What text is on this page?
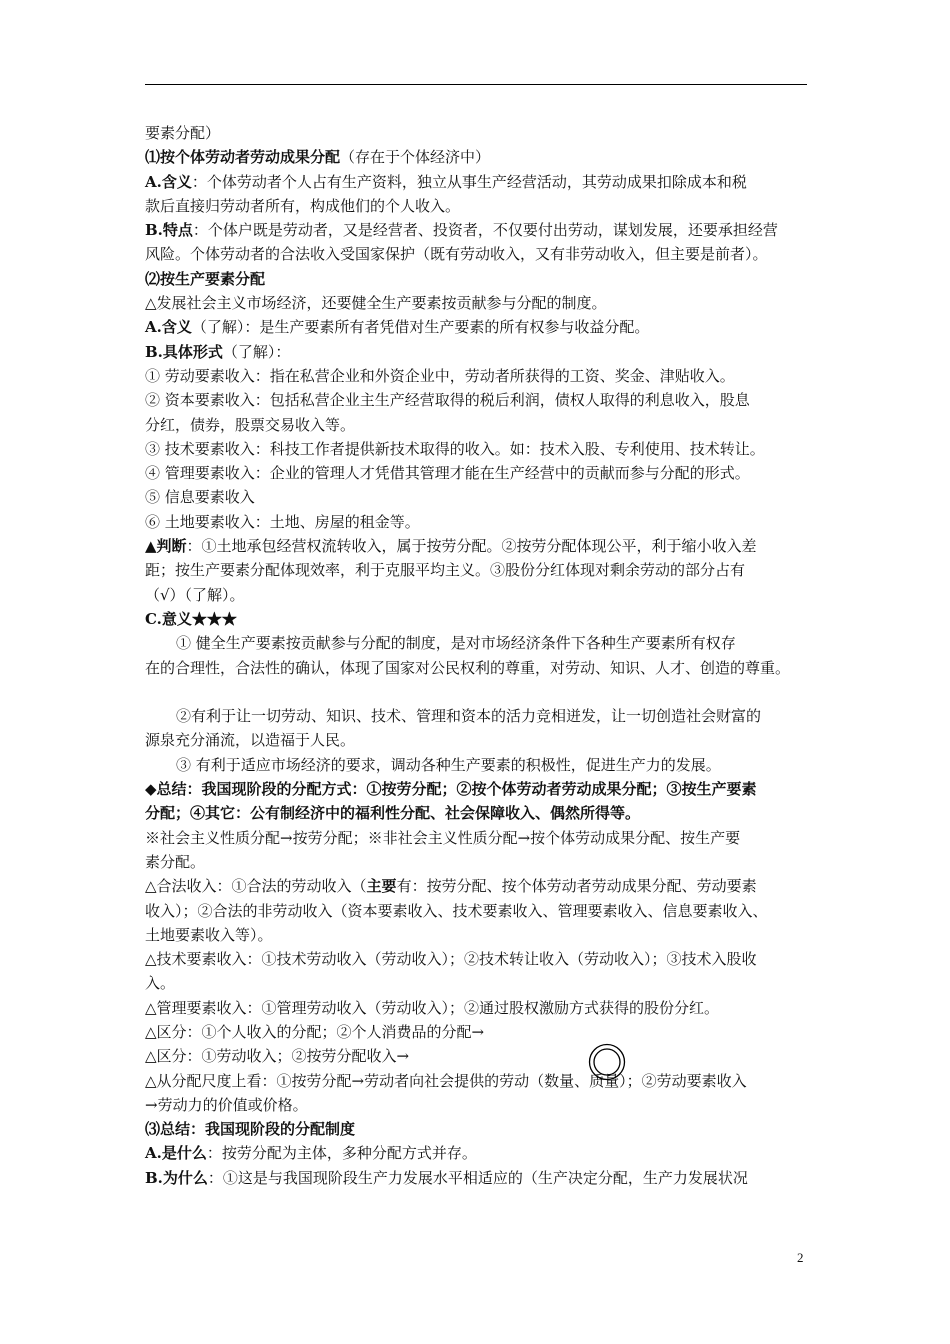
要素分配）
⑴按个体劳动者劳动成果分配（存在于个体经济中）
A.含义：个体劳动者个人占有生产资料，独立从事生产经营活动，其劳动成果扣除成本和税
款后直接归劳动者所有，构成他们的个人收入。
B.特点：个体户既是劳动者，又是经营者、投资者，不仅要付出劳动，谋划发展，还要承担经营
风险。个体劳动者的合法收入受国家保护（既有劳动收入，又有非劳动收入，但主要是前者）。
⑵按生产要素分配
△发展社会主义市场经济，还要健全生产要素按贡献参与分配的制度。
A.含义（了解）：是生产要素所有者凭借对生产要素的所有权参与收益分配。
B.具体形式（了解）：
① 劳动要素收入：指在私营企业和外资企业中，劳动者所获得的工资、奖金、津贴收入。
② 资本要素收入：包括私营企业主生产经营取得的税后利润，债权人取得的利息收入，股息
分红，债券，股票交易收入等。
③ 技术要素收入：科技工作者提供新技术取得的收入。如：技术入股、专利使用、技术转让。
④ 管理要素收入：企业的管理人才凭借其管理才能在生产经营中的贡献而参与分配的形式。
⑤ 信息要素收入
⑥ 土地要素收入：土地、房屋的租金等。
▲判断：①土地承包经营权流转收入，属于按劳分配。②按劳分配体现公平，利于缩小收入差
距；按生产要素分配体现效率，利于克服平均主义。③股份分红体现对剩余劳动的部分占有
（√）（了解）。
C.意义★★★
① 健全生产要素按贡献参与分配的制度，是对市场经济条件下各种生产要素所有权存
在的合理性，合法性的确认，体现了国家对公民权利的尊重，对劳动、知识、人才、创造的尊重。
②有利于让一切劳动、知识、技术、管理和资本的活力竞相迸发，让一切创造社会财富的
源泉充分涌流，以造福于人民。
③ 有利于适应市场经济的要求，调动各种生产要素的积极性，促进生产力的发展。
◆总结：我国现阶段的分配方式：①按劳分配；②按个体劳动者劳动成果分配；③按生产要素
分配；④其它：公有制经济中的福利性分配、社会保障收入、偶然所得等。
※社会主义性质分配→按劳分配；※非社会主义性质分配→按个体劳动成果分配、按生产要
素分配。
△合法收入：①合法的劳动收入（主要有：按劳分配、按个体劳动者劳动成果分配、劳动要素
收入）；②合法的非劳动收入（资本要素收入、技术要素收入、管理要素收入、信息要素收入、
土地要素收入等）。
△技术要素收入：①技术劳动收入（劳动收入）；②技术转让收入（劳动收入）；③技术入股收
入。
△管理要素收入：①管理劳动收入（劳动收入）；②通过股权激励方式获得的股份分红。
△区分：①个人收入的分配；②个人消费品的分配→
△区分：①劳动收入；②按劳分配收入→
△从分配尺度上看：①按劳分配→劳动者向社会提供的劳动（数量、质量）；②劳动要素收入
→劳动力的价值或价格。
⑶总结：我国现阶段的分配制度
A.是什么：按劳分配为主体，多种分配方式并存。
B.为什么：①这是与我国现阶段生产力发展水平相适应的（生产决定分配，生产力发展状况
2
